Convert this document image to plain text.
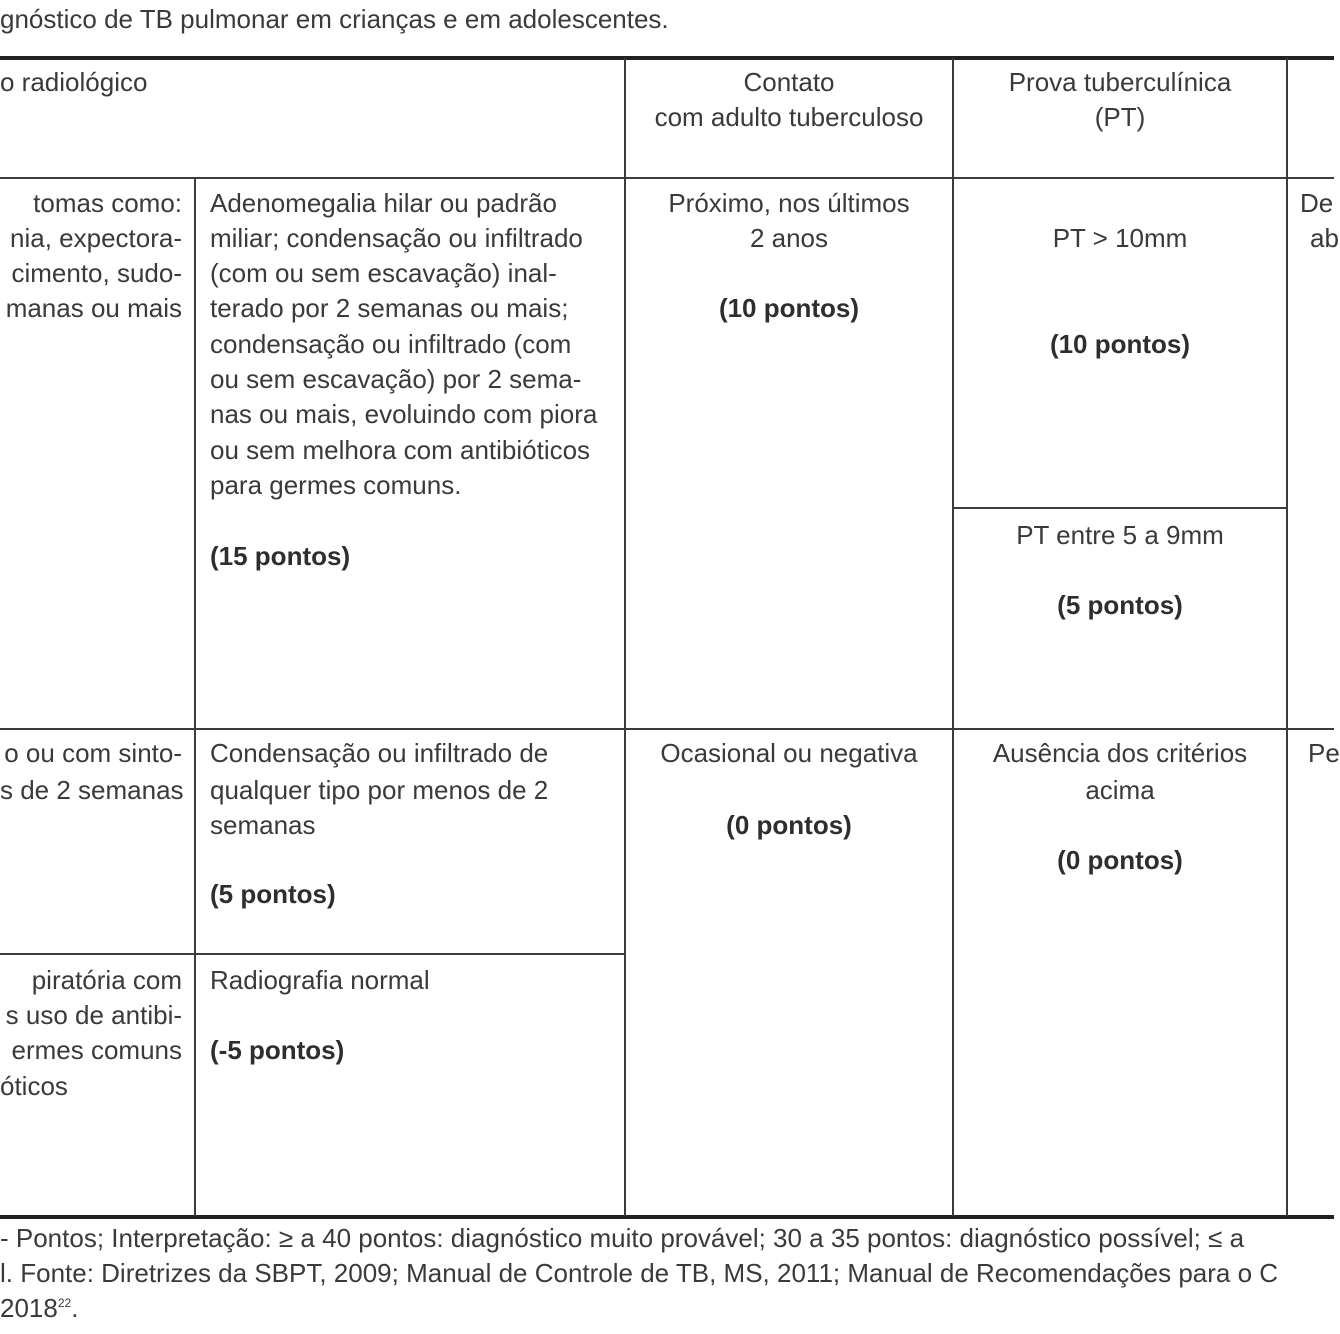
gnóstico de TB pulmonar em crianças e em adolescentes.
o radiológico	Contato
com adulto tuberculoso
Prova tuberculínica
(PT)
tomas como:
nia, expectora-
cimento, sudo-
manas ou mais
Adenomegalia hilar ou padrão
miliar; condensação ou infiltrado
(com ou sem escavação) inal-
terado por 2 semanas ou mais;
condensação ou infiltrado (com
ou sem escavação) por 2 sema-
nas ou mais, evoluindo com piora
ou sem melhora com antibióticos
para germes comuns.
(15 pontos)
Próximo, nos últimos
2 anos
(10 pontos)
PT > 10mm
(10 pontos)
PT entre 5 a 9mm
(5 pontos)
De
ab
o ou com sinto-
s de 2 semanas
Condensação ou infiltrado de
qualquer tipo por menos de 2
semanas
(5 pontos)
Ocasional ou negativa
(0 pontos)
Ausência dos critérios
acima
(0 pontos)
Pe
piratória com
s uso de antibi-
ermes comuns
óticos
Radiografia normal
(-5 pontos)
- Pontos; Interpretação: ≥ a 40 pontos: diagnóstico muito provável; 30 a 35 pontos: diagnóstico possível; ≤ a
l. Fonte: Diretrizes da SBPT, 2009; Manual de Controle de TB, MS, 2011; Manual de Recomendações para o C
2018$^{22}$.
